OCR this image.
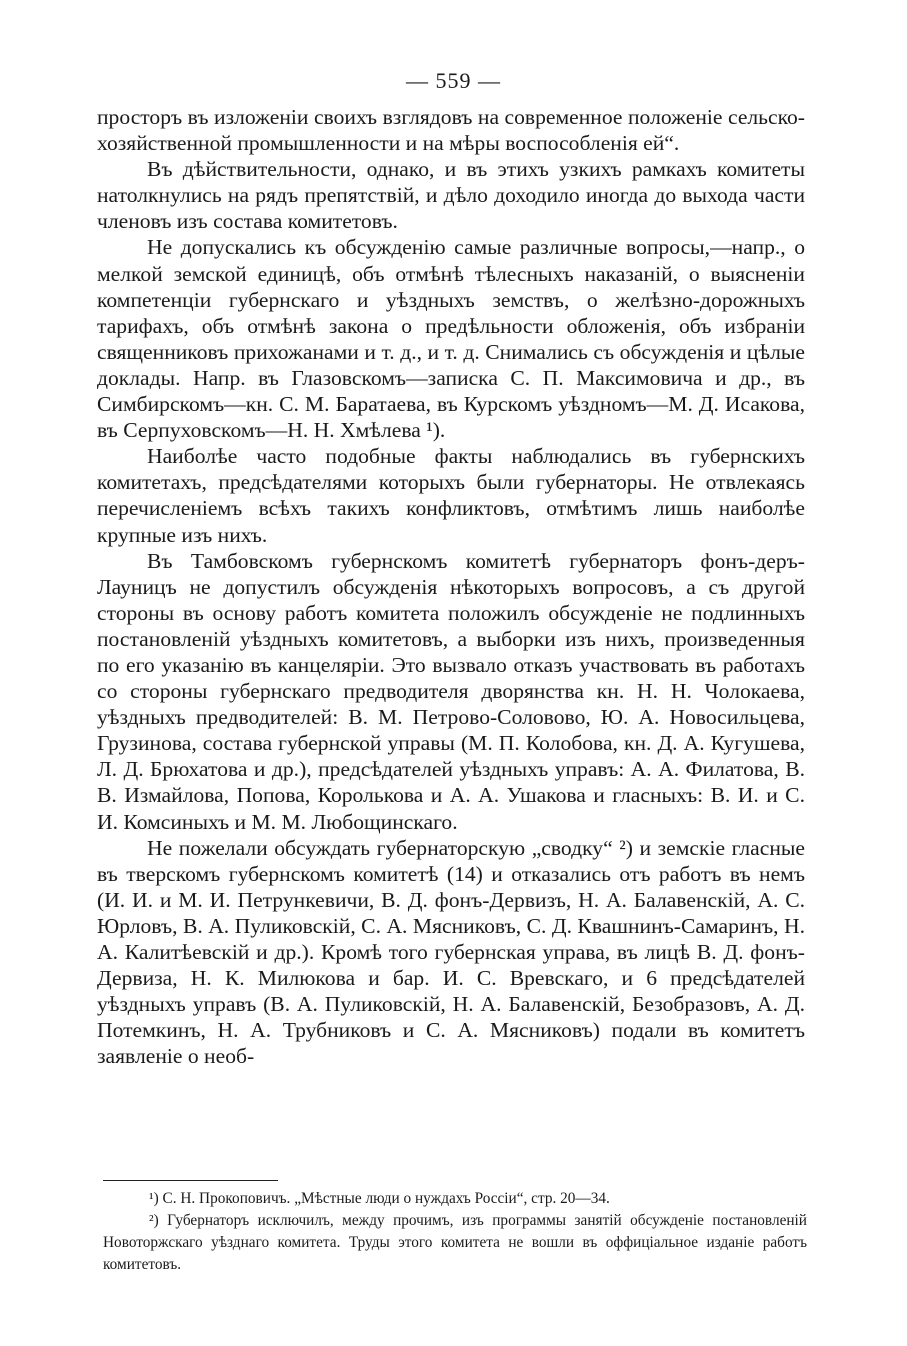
— 559 —

просторъ въ изложеніи своихъ взглядовъ на современное положеніе сельско-хозяйственной промышленности и на мѣры воспособленія ей“.

Въ дѣйствительности, однако, и въ этихъ узкихъ рамкахъ комитеты натолкнулись на рядъ препятствій, и дѣло доходило иногда до выхода части членовъ изъ состава комитетовъ.

Не допускались къ обсужденію самые различные вопросы,—напр., о мелкой земской единицѣ, объ отмѣнѣ тѣлесныхъ наказаній, о выясненіи компетенціи губернскаго и уѣздныхъ земствъ, о желѣзно-дорожныхъ тарифахъ, объ отмѣнѣ закона о предѣльности обложенія, объ избраніи священниковъ прихожанами и т. д., и т. д. Снимались съ обсужденія и цѣлые доклады. Напр. въ Глазовскомъ—записка С. П. Максимовича и др., въ Симбирскомъ—кн. С. М. Баратаева, въ Курскомъ уѣздномъ—М. Д. Исакова, въ Серпуховскомъ—Н. Н. Хмѣлева ¹).

Наиболѣе часто подобные факты наблюдались въ губернскихъ комитетахъ, предсѣдателями которыхъ были губернаторы. Не отвлекаясь перечисленіемъ всѣхъ такихъ конфликтовъ, отмѣтимъ лишь наиболѣе крупные изъ нихъ.

Въ Тамбовскомъ губернскомъ комитетѣ губернаторъ фонъ-деръ-Лауницъ не допустилъ обсужденія нѣкоторыхъ вопросовъ, а съ другой стороны въ основу работъ комитета положилъ обсужденіе не подлинныхъ постановленій уѣздныхъ комитетовъ, а выборки изъ нихъ, произведенныя по его указанію въ канцеляріи. Это вызвало отказъ участвовать въ работахъ со стороны губернскаго предводителя дворянства кн. Н. Н. Чолокаева, уѣздныхъ предводителей: В. М. Петрово-Соловово, Ю. А. Новосильцева, Грузинова, состава губернской управы (М. П. Колобова, кн. Д. А. Кугушева, Л. Д. Брюхатова и др.), предсѣдателей уѣздныхъ управъ: А. А. Филатова, В. В. Измайлова, Попова, Королькова и А. А. Ушакова и гласныхъ: В. И. и С. И. Комсиныхъ и М. М. Любощинскаго.

Не пожелали обсуждать губернаторскую „сводку“ ²) и земскіе гласные въ тверскомъ губернскомъ комитетѣ (14) и отказались отъ работъ въ немъ (И. И. и М. И. Петрункевичи, В. Д. фонъ-Дервизъ, Н. А. Балавенскій, А. С. Юрловъ, В. А. Пуликовскій, С. А. Мясниковъ, С. Д. Квашнинъ-Самаринъ, Н. А. Калитѣевскій и др.). Кромѣ того губернская управа, въ лицѣ В. Д. фонъ-Дервиза, Н. К. Милюкова и бар. И. С. Вревскаго, и 6 предсѣдателей уѣздныхъ управъ (В. А. Пуликовскій, Н. А. Балавенскій, Безобразовъ, А. Д. Потемкинъ, Н. А. Трубниковъ и С. А. Мясниковъ) подали въ комитетъ заявленіе о необ-

¹) С. Н. Прокоповичъ. „Мѣстные люди о нуждахъ Россіи“, стр. 20—34.

²) Губернаторъ исключилъ, между прочимъ, изъ программы занятій обсужденіе постановленій Новоторжскаго уѣзднаго комитета. Труды этого комитета не вошли въ оффиціальное изданіе работъ комитетовъ.
